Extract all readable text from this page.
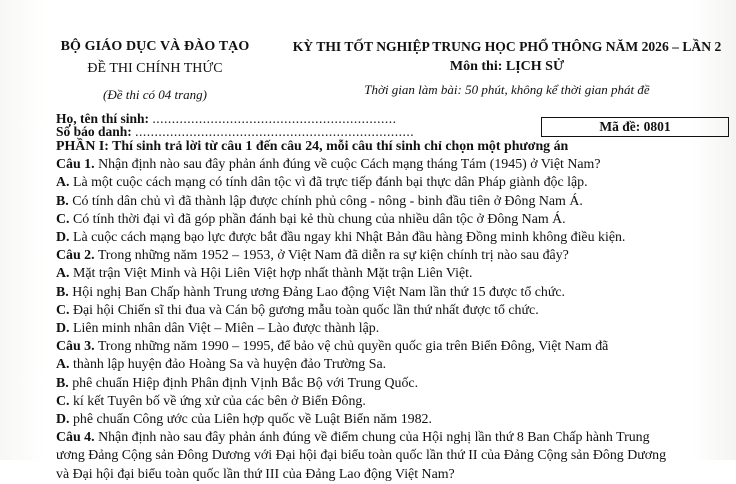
BỘ GIÁO DỤC VÀ ĐÀO TẠO
ĐỀ THI CHÍNH THỨC
(Đề thi có 04 trang)
KỲ THI TỐT NGHIỆP TRUNG HỌC PHỔ THÔNG NĂM 2026 – LẦN 2
Môn thi: LỊCH SỬ
Thời gian làm bài: 50 phút, không kể thời gian phát đề
Họ, tên thí sinh: ...............................................................
Số báo danh: ........................................................................	Mã đề: 0801
PHẦN I: Thí sinh trả lời từ câu 1 đến câu 24, mỗi câu thí sinh chỉ chọn một phương án
Câu 1. Nhận định nào sau đây phản ánh đúng về cuộc Cách mạng tháng Tám (1945) ở Việt Nam?
A. Là một cuộc cách mạng có tính dân tộc vì đã trực tiếp đánh bại thực dân Pháp giành độc lập.
B. Có tính dân chủ vì đã thành lập được chính phủ công - nông - binh đầu tiên ở Đông Nam Á.
C. Có tính thời đại vì đã góp phần đánh bại kẻ thù chung của nhiều dân tộc ở Đông Nam Á.
D. Là cuộc cách mạng bạo lực được bắt đầu ngay khi Nhật Bản đầu hàng Đồng minh không điều kiện.
Câu 2. Trong những năm 1952 – 1953, ở Việt Nam đã diễn ra sự kiện chính trị nào sau đây?
A. Mặt trận Việt Minh và Hội Liên Việt hợp nhất thành Mặt trận Liên Việt.
B. Hội nghị Ban Chấp hành Trung ương Đảng Lao động Việt Nam lần thứ 15 được tổ chức.
C. Đại hội Chiến sĩ thi đua và Cán bộ gương mẫu toàn quốc lần thứ nhất được tổ chức.
D. Liên minh nhân dân Việt – Miên – Lào được thành lập.
Câu 3. Trong những năm 1990 – 1995, để bảo vệ chủ quyền quốc gia trên Biển Đông, Việt Nam đã
A. thành lập huyện đảo Hoàng Sa và huyện đảo Trường Sa.
B. phê chuẩn Hiệp định Phân định Vịnh Bắc Bộ với Trung Quốc.
C. kí kết Tuyên bố về ứng xử của các bên ở Biển Đông.
D. phê chuẩn Công ước của Liên hợp quốc về Luật Biển năm 1982.
Câu 4. Nhận định nào sau đây phản ánh đúng về điểm chung của Hội nghị lần thứ 8 Ban Chấp hành Trung
ương Đảng Cộng sản Đông Dương với Đại hội đại biểu toàn quốc lần thứ II của Đảng Cộng sản Đông Dương
và Đại hội đại biểu toàn quốc lần thứ III của Đảng Lao động Việt Nam?
